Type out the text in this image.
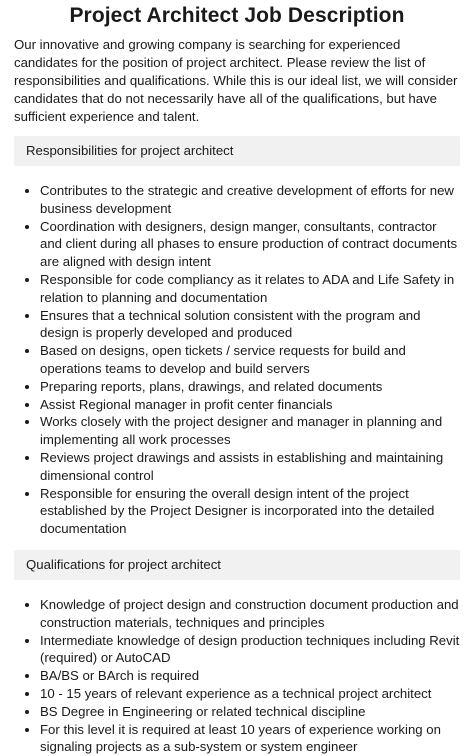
Project Architect Job Description

Our innovative and growing company is searching for experienced candidates for the position of project architect. Please review the list of responsibilities and qualifications. While this is our ideal list, we will consider candidates that do not necessarily have all of the qualifications, but have sufficient experience and talent.

Responsibilities for project architect
• Contributes to the strategic and creative development of efforts for new business development
• Coordination with designers, design manger, consultants, contractor and client during all phases to ensure production of contract documents are aligned with design intent
• Responsible for code compliancy as it relates to ADA and Life Safety in relation to planning and documentation
• Ensures that a technical solution consistent with the program and design is properly developed and produced
• Based on designs, open tickets / service requests for build and operations teams to develop and build servers
• Preparing reports, plans, drawings, and related documents
• Assist Regional manager in profit center financials
• Works closely with the project designer and manager in planning and implementing all work processes
• Reviews project drawings and assists in establishing and maintaining dimensional control
• Responsible for ensuring the overall design intent of the project established by the Project Designer is incorporated into the detailed documentation
Qualifications for project architect
• Knowledge of project design and construction document production and construction materials, techniques and principles
• Intermediate knowledge of design production techniques including Revit (required) or AutoCAD
• BA/BS or BArch is required
• 10 - 15 years of relevant experience as a technical project architect
• BS Degree in Engineering or related technical discipline
• For this level it is required at least 10 years of experience working on signaling projects as a sub-system or system engineer
